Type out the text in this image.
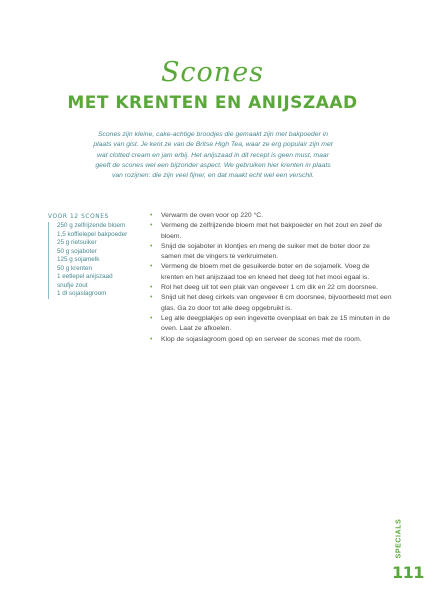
Scones
MET KRENTEN EN ANIJSZAAD
Scones zijn kleine, cake-achtige broodjes die gemaakt zijn met bakpoeder in plaats van gist. Je kent ze van de Britse High Tea, waar ze erg populair zijn met wat clotted cream en jam erbij. Het anijszaad in dit recept is geen must, maar geeft de scones wel een bijzonder aspect. We gebruiken hier krenten in plaats van rozijnen: die zijn veel fijner, en dat maakt echt wel een verschil.
VOOR 12 SCONES
250 g zelfrijzende bloem
1,5 koffielepel bakpoeder
25 g rietsuiker
50 g sojaboter
125 g sojamelk
50 g krenten
1 eetlepel anijszaad
snufje zout
1 dl sojaslagroom
• Verwarm de oven voor op 220 °C.
• Vermeng de zelfrijzende bloem met het bakpoeder en het zout en zeef de bloem.
• Snijd de sojaboter in klontjes en meng de suiker met de boter door ze samen met de vingers te verkruimelen.
• Vermeng de bloem met de gesuikerde boter en de sojamelk. Voeg de krenten en het anijszaad toe en kneed het deeg tot het mooi egaal is.
• Rol het deeg uit tot een plak van ongeveer 1 cm dik en 22 cm doorsnee.
• Snijd uit het deeg cirkels van ongeveer 6 cm doorsnee, bijvoorbeeld met een glas. Ga zo door tot alle deeg opgebruikt is.
• Leg alle deegplakjes op een ingevette ovenplaat en bak ze 15 minuten in de oven. Laat ze afkoelen.
• Klop de sojaslagroom goed op en serveer de scones met de room.
SPECIALS
111
